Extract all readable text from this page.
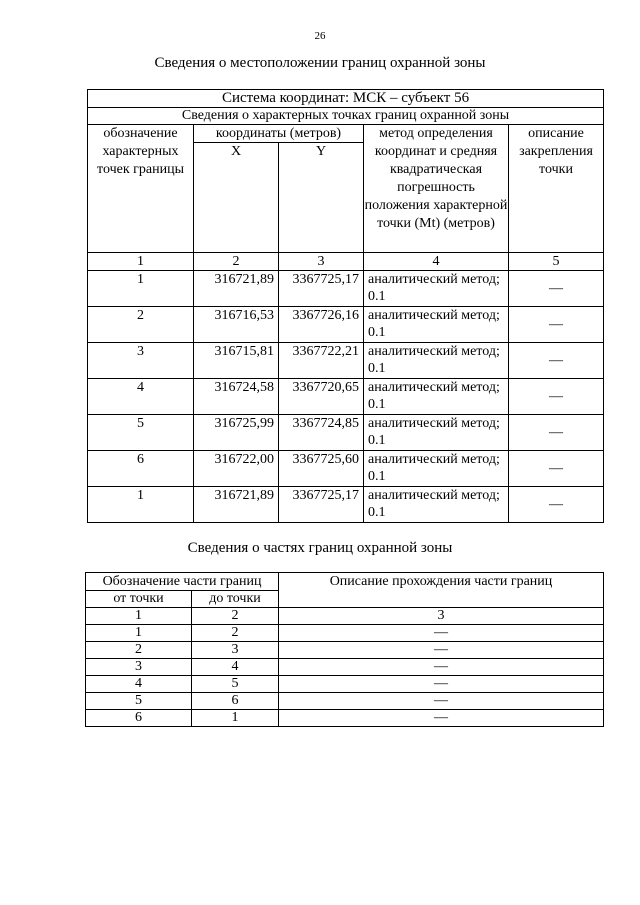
26
Сведения о местоположении границ охранной зоны
Система координат: МСК – субъект 56				
Сведения о характерных точках границ охранной зоны				
обозначение характерных точек границы	координаты (метров)		метод определения координат и средняя квадратическая погрешность положения характерной точки (Mt) (метров)	описание закрепления точки
	X	Y		
1	2	3	4	5
1	316721,89	3367725,17	аналитический метод; 0.1	—
2	316716,53	3367726,16	аналитический метод; 0.1	—
3	316715,81	3367722,21	аналитический метод; 0.1	—
4	316724,58	3367720,65	аналитический метод; 0.1	—
5	316725,99	3367724,85	аналитический метод; 0.1	—
6	316722,00	3367725,60	аналитический метод; 0.1	—
1	316721,89	3367725,17	аналитический метод; 0.1	—
Сведения о частях границ охранной зоны
Обозначение части границ		Описание прохождения части границ
от точки	до точки	
1	2	3
1	2	—
2	3	—
3	4	—
4	5	—
5	6	—
6	1	—
